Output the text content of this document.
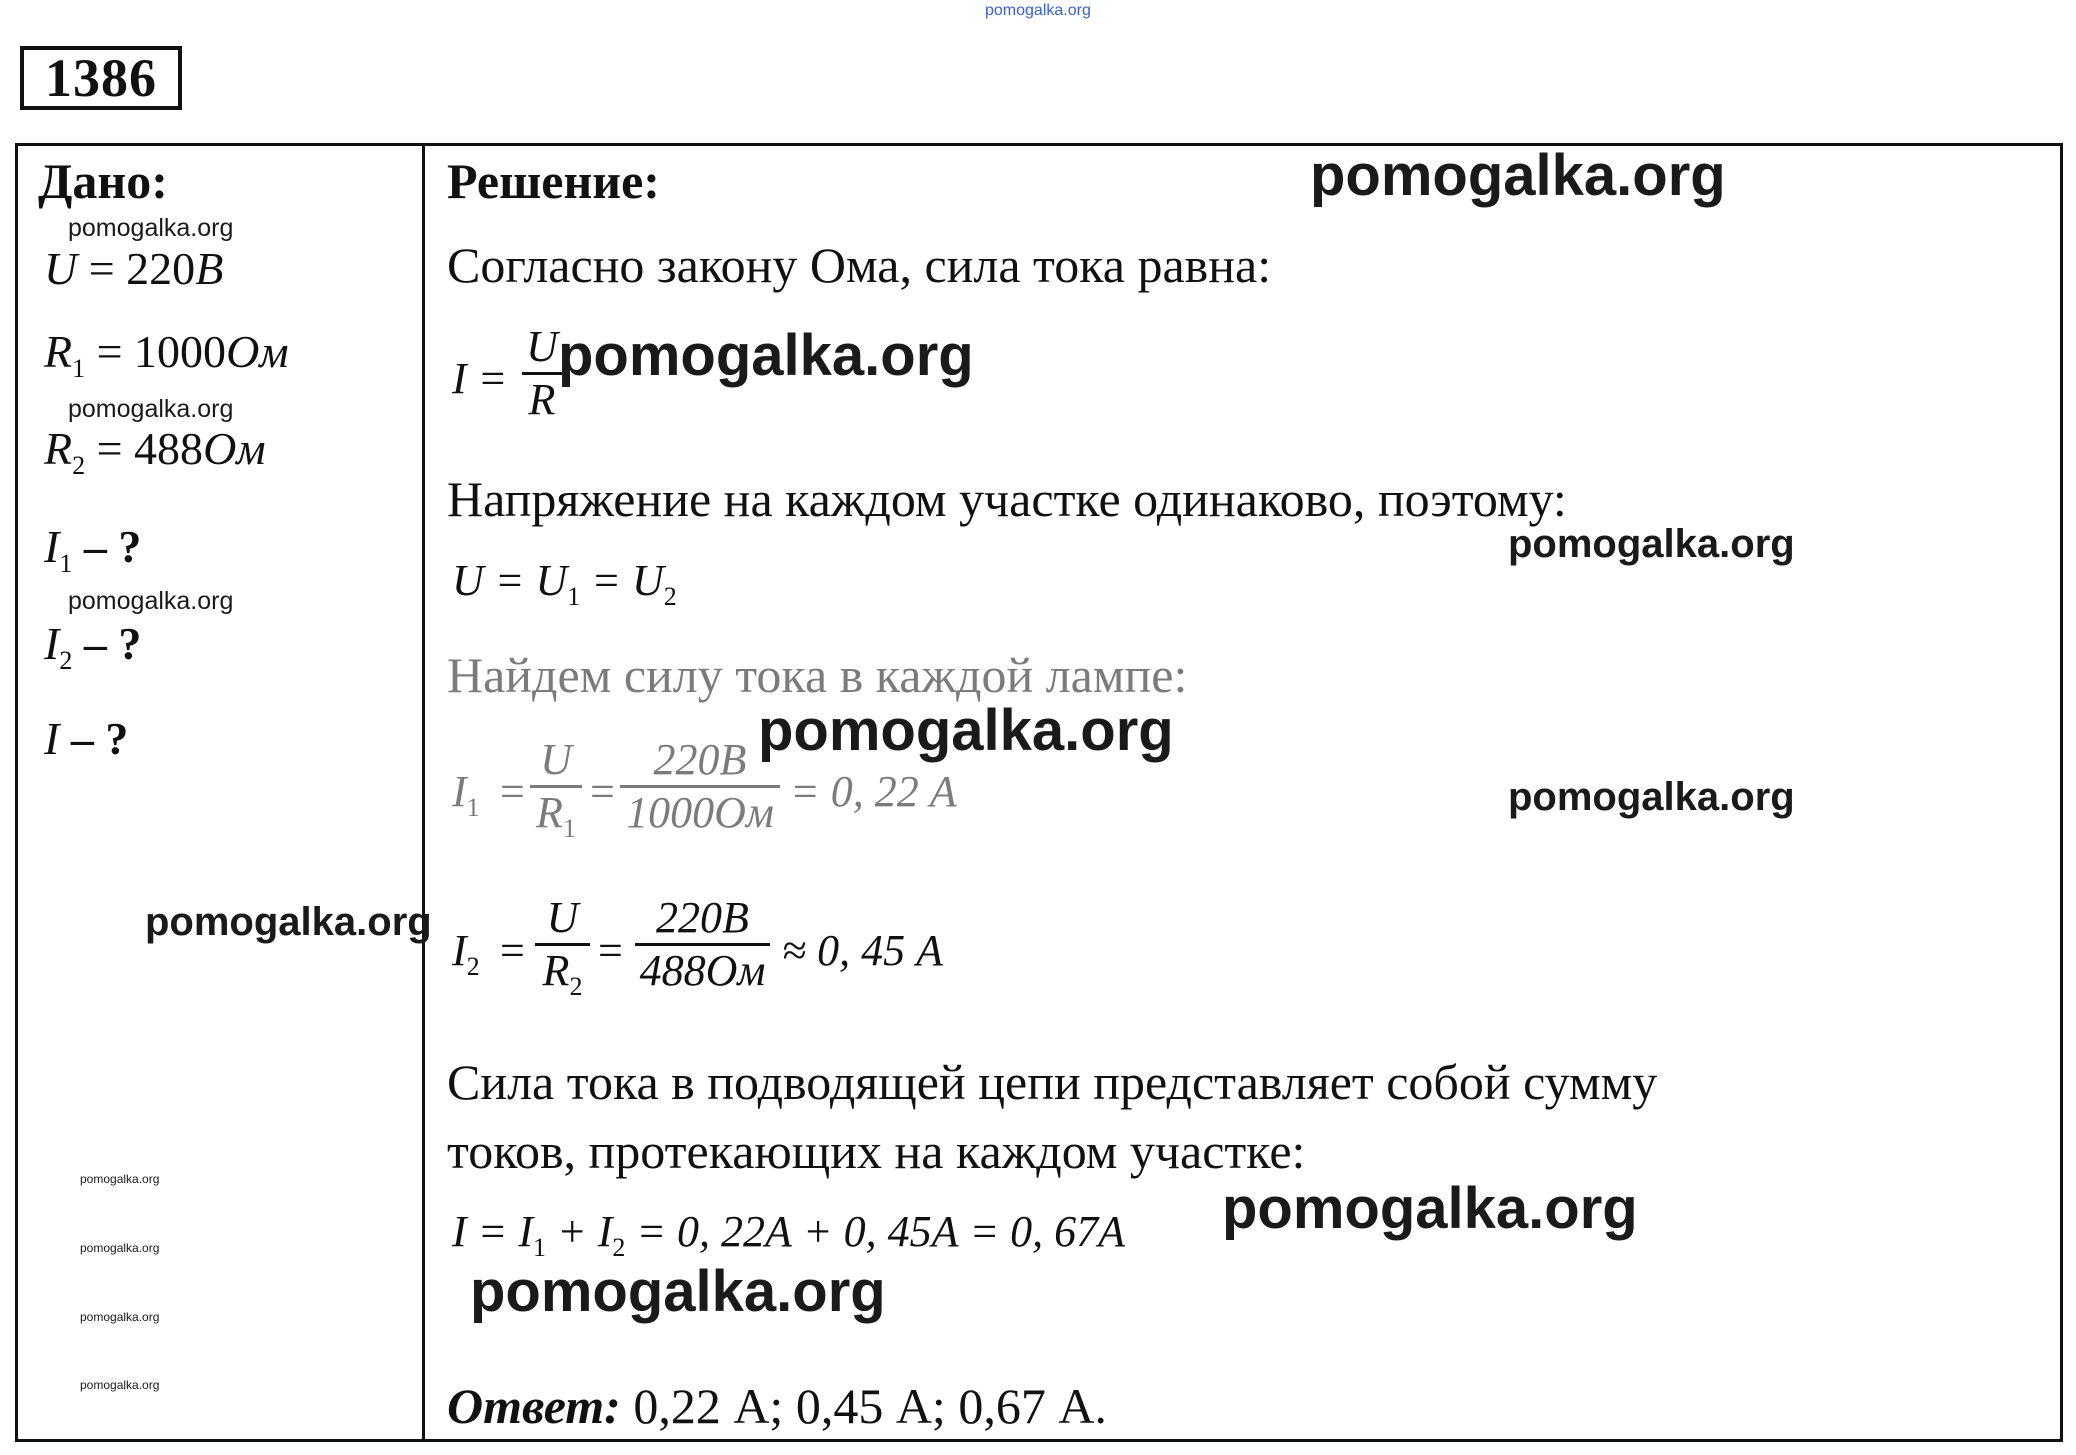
pomogalka.org
1386
Дано:
U = 220В
$R_1 = 1000Ом$
$R_2 = 488Ом$
$I_1$ – ?
$I_2$ – ?
I – ?
pomogalka.org
pomogalka.org
pomogalka.org
pomogalka.org
pomogalka.org
pomogalka.org
pomogalka.org
pomogalka.org
Решение:	pomogalka.org
Согласно закону Ома, сила тока равна:
I =
U
R
pomogalka.org
Напряжение на каждом участке одинаково, поэтому:
pomogalka.org
$U = U_1 = U_2$
Найдем силу тока в каждой лампе:
pomogalka.org
$I_1$ =
U
$R_1$
=
220В
1000Ом = 0, 22 А	pomogalka.org
$I_2$ =
U
$R_2$
=
220В
488Ом ≈ 0, 45 А
Сила тока в подводящей цепи представляет собой сумму
токов, протекающих на каждом участке:
$I = I_1 + I_2 = 0$, 22А + 0, 45А = 0, 67А pomogalka.org
pomogalka.org
Ответ: 0,22 А; 0,45 А; 0,67 А.
